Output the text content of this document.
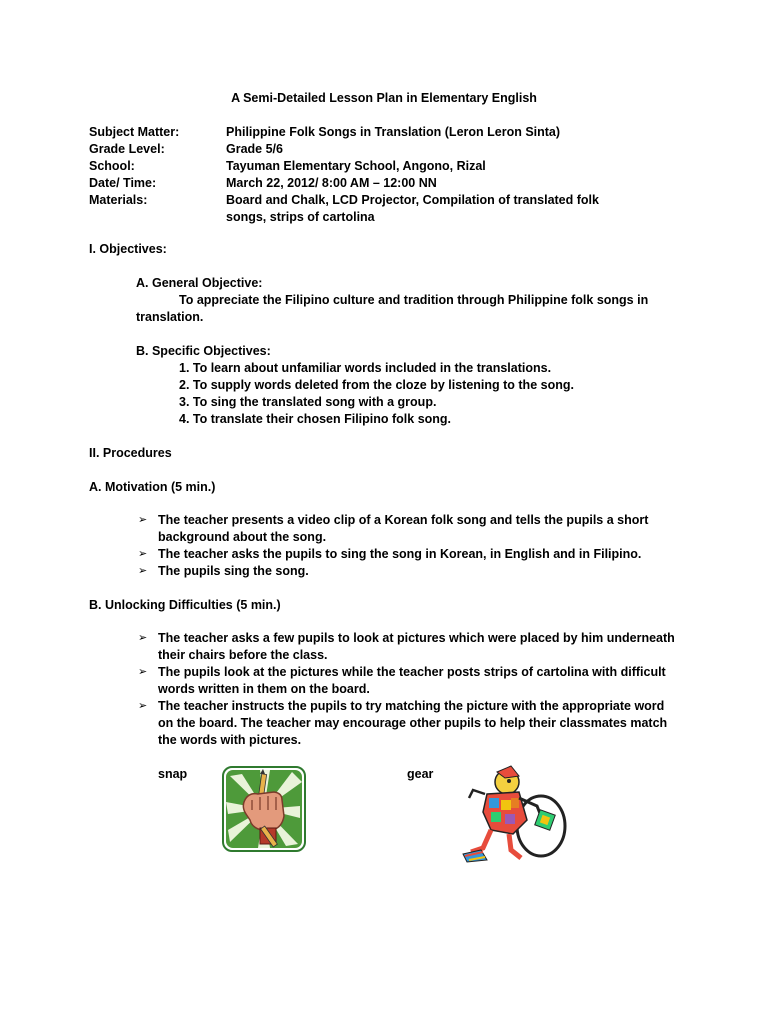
A Semi-Detailed Lesson Plan in Elementary English
Subject Matter:	Philippine Folk Songs in Translation (Leron Leron Sinta)
Grade Level:	Grade 5/6
School:	Tayuman Elementary School, Angono, Rizal
Date/ Time:	March 22, 2012/ 8:00 AM – 12:00 NN
Materials:	Board and Chalk, LCD Projector, Compilation of translated folk songs, strips of cartolina
I. Objectives:
A. General Objective:
To appreciate the Filipino culture and tradition through Philippine folk songs in
translation.
B. Specific Objectives:
1. To learn about unfamiliar words included in the translations.
2. To supply words deleted from the cloze by listening to the song.
3. To sing the translated song with a group.
4. To translate their chosen Filipino folk song.
II. Procedures
A. Motivation (5 min.)
➢ The teacher presents a video clip of a Korean folk song and tells the pupils a short background about the song.
➢ The teacher asks the pupils to sing the song in Korean, in English and in Filipino.
➢ The pupils sing the song.
B. Unlocking Difficulties (5 min.)
➢ The teacher asks a few pupils to look at pictures which were placed by him underneath their chairs before the class.
➢ The pupils look at the pictures while the teacher posts strips of cartolina with difficult words written in them on the board.
➢ The teacher instructs the pupils to try matching the picture with the appropriate word on the board. The teacher may encourage other pupils to help their classmates match the words with pictures.
snap	gear
